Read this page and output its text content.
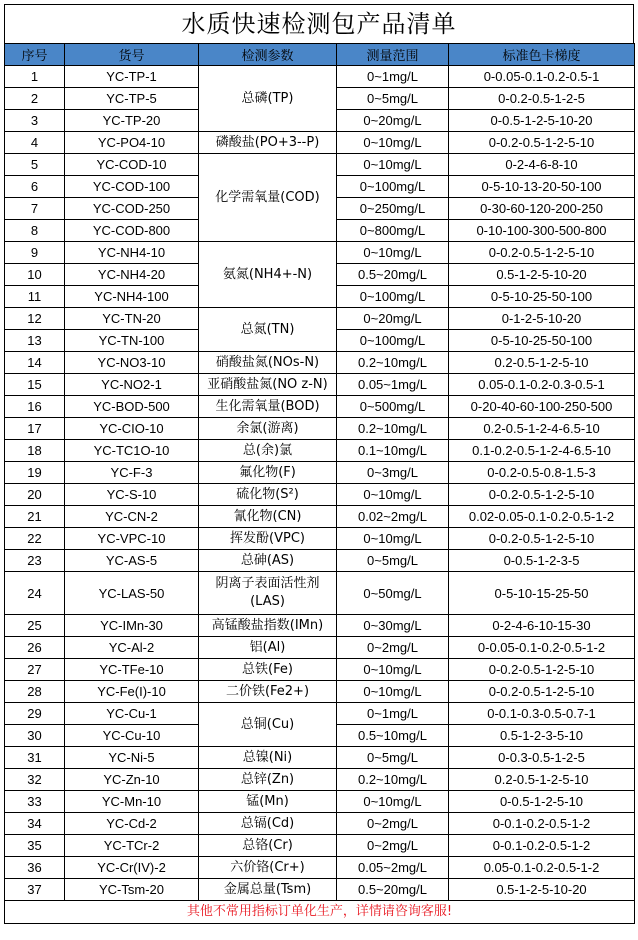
水质快速检测包产品清单
序号	货号	检测参数	测量范围	标准色卡梯度
1	YC-TP-1	总磷(TP)	0~1mg/L	0-0.05-0.1-0.2-0.5-1
2	YC-TP-5		0~5mg/L	0-0.2-0.5-1-2-5
3	YC-TP-20		0~20mg/L	0-0.5-1-2-5-10-20
4	YC-PO4-10	磷酸盐(PO+3--P)	0~10mg/L	0-0.2-0.5-1-2-5-10
5	YC-COD-10	化学需氧量(COD)	0~10mg/L	0-2-4-6-8-10
6	YC-COD-100		0~100mg/L	0-5-10-13-20-50-100
7	YC-COD-250		0~250mg/L	0-30-60-120-200-250
8	YC-COD-800		0~800mg/L	0-10-100-300-500-800
9	YC-NH4-10	氨氮(NH4+-N)	0~10mg/L	0-0.2-0.5-1-2-5-10
10	YC-NH4-20		0.5~20mg/L	0.5-1-2-5-10-20
11	YC-NH4-100		0~100mg/L	0-5-10-25-50-100
12	YC-TN-20	总氮(TN)	0~20mg/L	0-1-2-5-10-20
13	YC-TN-100		0~100mg/L	0-5-10-25-50-100
14	YC-NO3-10	硝酸盐氮(NOs-N)	0.2~10mg/L	0.2-0.5-1-2-5-10
15	YC-NO2-1	亚硝酸盐氮(NO z-N)	0.05~1mg/L	0.05-0.1-0.2-0.3-0.5-1
16	YC-BOD-500	生化需氧量(BOD)	0~500mg/L	0-20-40-60-100-250-500
17	YC-CIO-10	余氯(游离)	0.2~10mg/L	0.2-0.5-1-2-4-6.5-10
18	YC-TC1O-10	总(余)氯	0.1~10mg/L	0.1-0.2-0.5-1-2-4-6.5-10
19	YC-F-3	氟化物(F)	0~3mg/L	0-0.2-0.5-0.8-1.5-3
20	YC-S-10	硫化物(S²)	0~10mg/L	0-0.2-0.5-1-2-5-10
21	YC-CN-2	氰化物(CN)	0.02~2mg/L	0.02-0.05-0.1-0.2-0.5-1-2
22	YC-VPC-10	挥发酚(VPC)	0~10mg/L	0-0.2-0.5-1-2-5-10
23	YC-AS-5	总砷(AS)	0~5mg/L	0-0.5-1-2-3-5
24	YC-LAS-50	阴离子表面活性剂(LAS)	0~50mg/L	0-5-10-15-25-50
25	YC-IMn-30	高锰酸盐指数(IMn)	0~30mg/L	0-2-4-6-10-15-30
26	YC-Al-2	铝(Al)	0~2mg/L	0-0.05-0.1-0.2-0.5-1-2
27	YC-TFe-10	总铁(Fe)	0~10mg/L	0-0.2-0.5-1-2-5-10
28	YC-Fe(I)-10	二价铁(Fe2+)	0~10mg/L	0-0.2-0.5-1-2-5-10
29	YC-Cu-1	总铜(Cu)	0~1mg/L	0-0.1-0.3-0.5-0.7-1
30	YC-Cu-10		0.5~10mg/L	0.5-1-2-3-5-10
31	YC-Ni-5	总镍(Ni)	0~5mg/L	0-0.3-0.5-1-2-5
32	YC-Zn-10	总锌(Zn)	0.2~10mg/L	0.2-0.5-1-2-5-10
33	YC-Mn-10	锰(Mn)	0~10mg/L	0-0.5-1-2-5-10
34	YC-Cd-2	总镉(Cd)	0~2mg/L	0-0.1-0.2-0.5-1-2
35	YC-TCr-2	总铬(Cr)	0~2mg/L	0-0.1-0.2-0.5-1-2
36	YC-Cr(IV)-2	六价铬(Cr+)	0.05~2mg/L	0.05-0.1-0.2-0.5-1-2
37	YC-Tsm-20	金属总量(Tsm)	0.5~20mg/L	0.5-1-2-5-10-20
其他不常用指标订单化生产，详情请咨询客服!				
